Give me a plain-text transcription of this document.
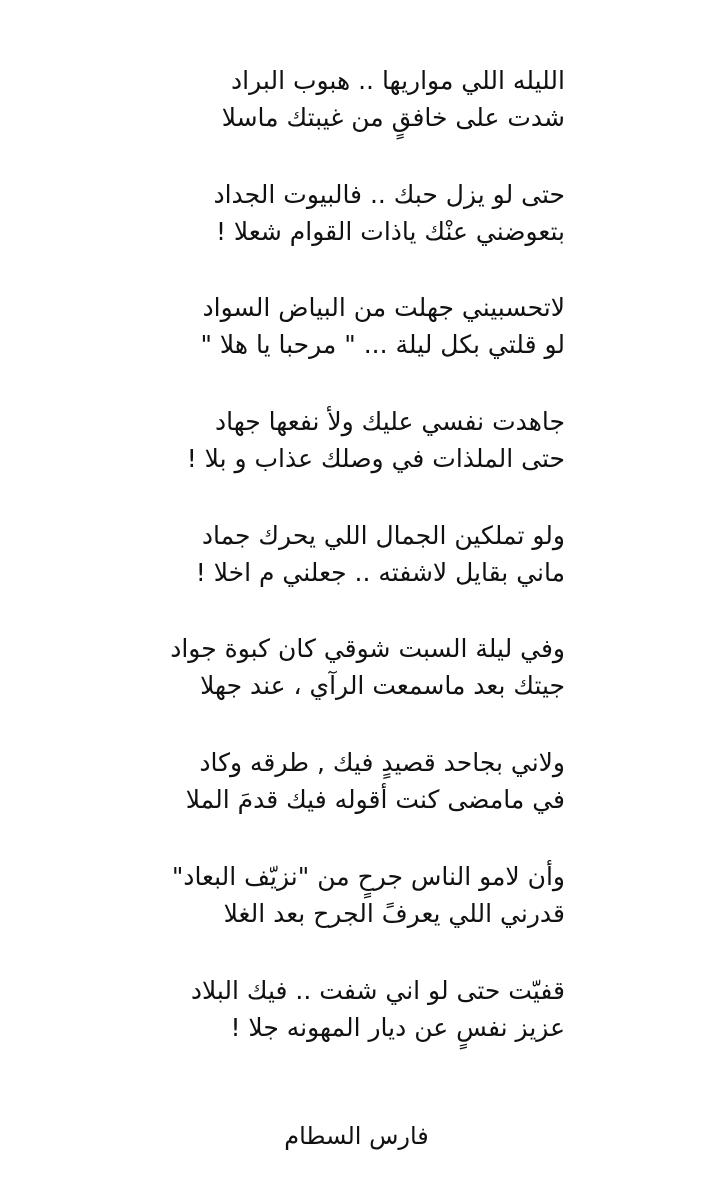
الليله اللي مواريها .. هبوب البراد
شدت على خافقٍ من غيبتك ماسلا
حتى لو يزل حبك .. فالبيوت الجداد
بتعوضني عنْك ياذات القوام شعلا !
لاتحسبيني جهلت من البياض السواد
لو قلتي بكل ليلة ... " مرحبا يا هلا "
جاهدت نفسي عليك ولأ نفعها جهاد
حتى الملذات في وصلك عذاب و بلا !
ولو تملكين الجمال اللي يحرك جماد
ماني بقايل لاشفته .. جعلني م اخلا !
وفي ليلة السبت شوقي كان كبوة جواد
جيتك بعد ماسمعت الرآي ، عند جهلا
ولاني بجاحد قصيدٍ فيك , طرقه وكاد
في مامضى كنت أقوله فيك قدمَ الملا
وأن لامو الناس جرحٍ من "نزيّف البعاد"
قدرني اللي يعرفً الجرح بعد الغلا
قفيّت حتى لو اني شفت .. فيك البلاد
عزيز نفسٍ عن ديار المهونه جلا !
فارس السطام
